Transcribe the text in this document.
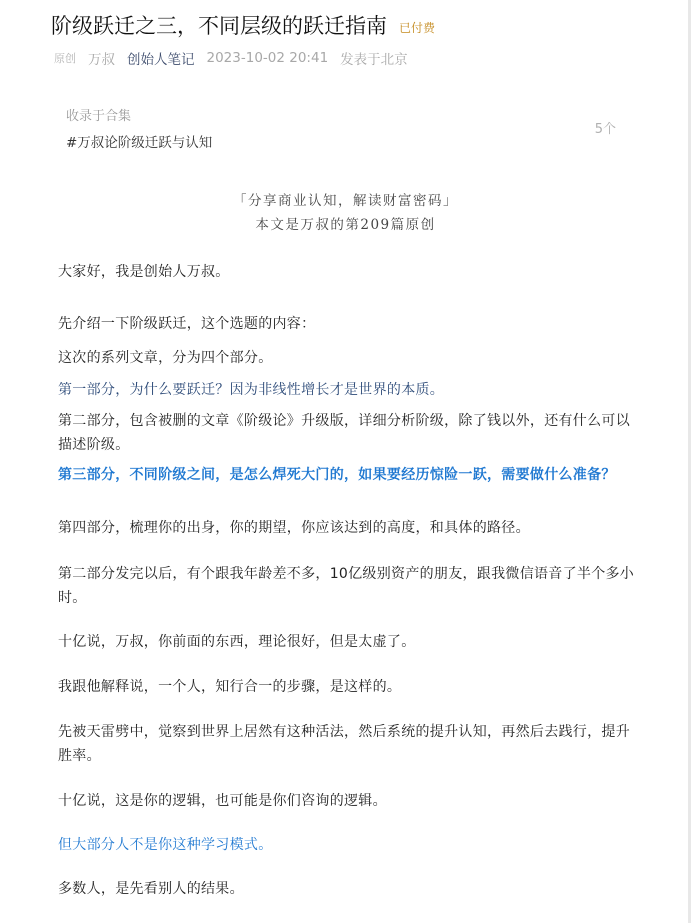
阶级跃迁之三，不同层级的跃迁指南 已付费
原创 万叔 创始人笔记 2023-10-02 20:41 发表于北京
收录于合集
#万叔论阶级迁跃与认知
5个
「分享商业认知，解读财富密码」
本文是万叔的第209篇原创
大家好，我是创始人万叔。
先介绍一下阶级跃迁，这个选题的内容：
这次的系列文章，分为四个部分。
第一部分，为什么要跃迁？因为非线性增长才是世界的本质。
第二部分，包含被删的文章《阶级论》升级版，详细分析阶级，除了钱以外，还有什么可以描述阶级。
第三部分，不同阶级之间，是怎么焊死大门的，如果要经历惊险一跃，需要做什么准备？
第四部分，梳理你的出身，你的期望，你应该达到的高度，和具体的路径。
第二部分发完以后，有个跟我年龄差不多，10亿级别资产的朋友，跟我微信语音了半个多小时。
十亿说，万叔，你前面的东西，理论很好，但是太虚了。
我跟他解释说，一个人，知行合一的步骤，是这样的。
先被天雷劈中，觉察到世界上居然有这种活法，然后系统的提升认知，再然后去践行，提升胜率。
十亿说，这是你的逻辑，也可能是你们咨询的逻辑。
但大部分人不是你这种学习模式。
多数人，是先看别人的结果。
